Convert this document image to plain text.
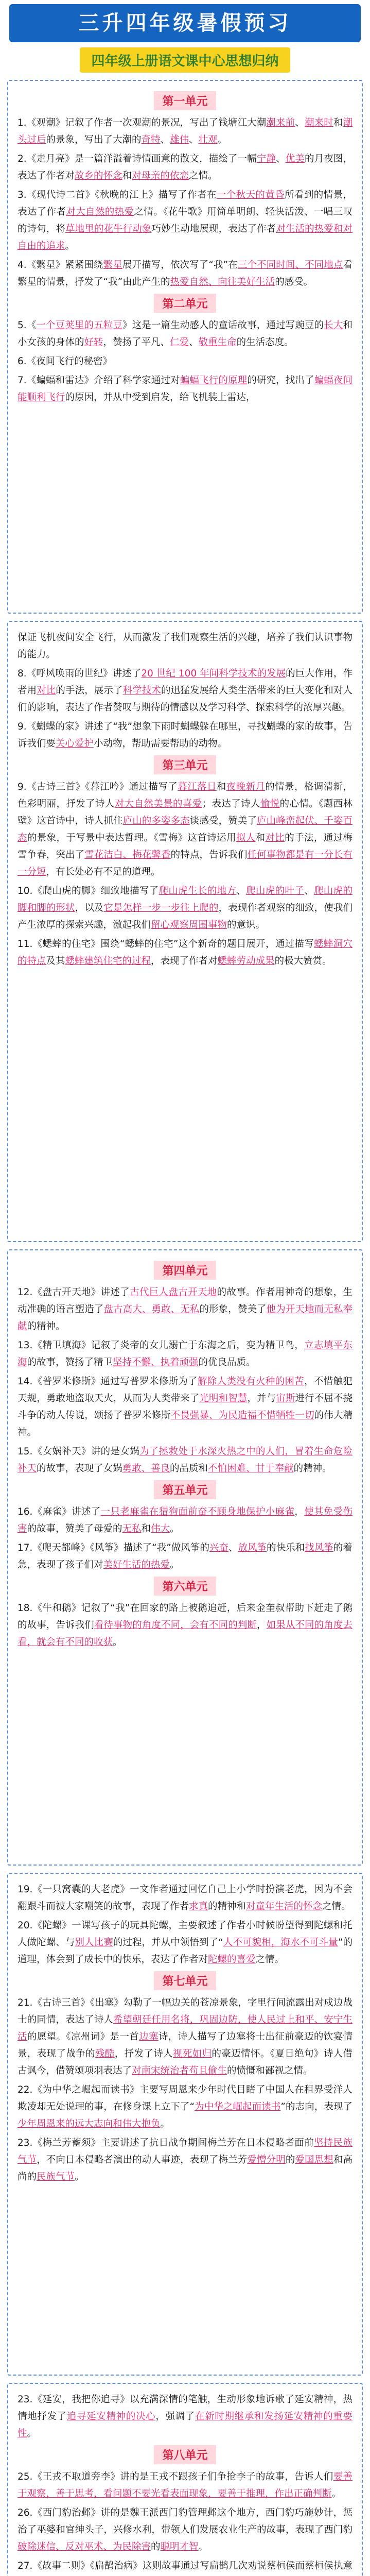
三升四年级暑假预习
四年级上册语文课中心思想归纳
第一单元
1.《观潮》记叙了作者一次观潮的景况，写出了钱塘江大潮潮来前、潮来时和潮头过后的景象，写出了大潮的奇特、雄伟、壮观。
2.《走月亮》是一篇洋溢着诗情画意的散文，描绘了一幅宁静、优美的月夜图，表达了作者对故乡的怀念和对母亲的依恋之情。
3.《现代诗二首》《秋晚的江上》描写了作者在一个秋天的黄昏所看到的情景，表达了作者对大自然的热爱之情。《花牛歌》用简单明朗、轻快活泼、一唱三叹的诗句，将草地里的花牛行动象巧妙生动地展现，表达了作者对生活的热爱和对自由的追求。
4.《繁星》紧紧围绕繁星展开描写，依次写了“我”在三个不同时间、不同地点看繁星的情景，抒发了“我”由此产生的热爱自然、向往美好生活的感受。
第二单元
5.《一个豆荚里的五粒豆》这是一篇生动感人的童话故事，通过写豌豆的长大和小女孩的身体的好转，赞扬了平凡、仁爱、敬重生命的生活态度。
6.《夜间飞行的秘密》
7.《蝙蝠和雷达》介绍了科学家通过对蝙蝠飞行的原理的研究，找出了蝙蝠夜间能顺利飞行的原因，并从中受到启发，给飞机装上雷达，
保证飞机夜间安全飞行，从而激发了我们观察生活的兴趣，培养了我们认识事物的能力。
8.《呼风唤雨的世纪》讲述了20 世纪 100 年间科学技术的发展的巨大作用，作者用对比的手法，展示了科学技术的迅猛发展给人类生活带来的巨大变化和对人们的影响，表达了作者赞叹与期待的情感以及学习科学、探索科学的浓厚兴趣。
9.《蝴蝶的家》讲述了“我”想象下雨时蝴蝶躲在哪里，寻找蝴蝶的家的故事，告诉我们要关心爱护小动物，帮助需要帮助的动物。
第三单元
9.《古诗三首》《暮江吟》通过描写了暮江落日和夜晚新月的情景，格调清新，色彩明丽，抒发了诗人对大自然美景的喜爱；表达了诗人愉悦的心情。《题西林壁》这首诗中，诗人抓住庐山的多姿多态谈感受，赞美了庐山峰峦起伏、千姿百态的景象，于写景中表达哲理。《雪梅》这首诗运用拟人和对比的手法，通过梅雪争春，突出了雪花洁白、梅花馨香的特点，告诉我们任何事物都是有一分长有一分短，有长处必有不足的道理。
10.《爬山虎的脚》细致地描写了爬山虎生长的地方、爬山虎的叶子、爬山虎的脚和脚的形状，以及它是怎样一步一步往上爬的，表现作者观察的细致，使我们产生浓厚的探索兴趣，激起我们留心观察周围事物的意识。
11.《蟋蟀的住宅》围绕“蟋蟀的住宅”这个新奇的题目展开，通过描写蟋蟀洞穴的特点及其蟋蟀建筑住宅的过程，表现了作者对蟋蟀劳动成果的极大赞赏。
第四单元
12.《盘古开天地》讲述了古代巨人盘古开天地的故事。作者用神奇的想象，生动准确的语言塑造了盘古高大、勇敢、无私的形象，赞美了他为开天地而无私奉献的精神。
13.《精卫填海》记叙了炎帝的女儿溺亡于东海之后，变为精卫鸟，立志填平东海的故事，赞扬了精卫坚持不懈、执着顽强的优良品质。
14.《普罗米修斯》通过写普罗米修斯为了解除人类没有火种的困苦，不惜触犯天规，勇敢地盗取天火，从而为人类带来了光明和智慧，并与宙斯进行不屈不挠斗争的动人传说，颂扬了普罗米修斯不畏强暴、为民造福不惜牺牲一切的伟大精神。
15.《女娲补天》讲的是女娲为了拯救处于水深火热之中的人们，冒着生命危险补天的故事，表现了女娲勇敢、善良的品质和不怕困难、甘于奉献的精神。
第五单元
16.《麻雀》讲述了一只老麻雀在猎狗面前奋不顾身地保护小麻雀，使其免受伤害的故事，赞美了母爱的无私和伟大。
17.《爬天都峰》《风筝》描述了“我”做风筝的兴奋、放风筝的快乐和找风筝的着急，表现了孩子们对美好生活的热爱。
第六单元
18.《牛和鹅》记叙了“我”在回家的路上被鹅追赶，后来金奎叔帮助下赶走了鹅的故事，告诉我们看待事物的角度不同，会有不同的判断，如果从不同的角度去看，就会有不同的收获。
19.《一只窝囊的大老虎》一文作者通过回忆自己上小学时扮演老虎，因为不会翻跟斗而被大家嘲笑的故事，表现了作者求真的精神和对童年生活的怀念之情。
20.《陀螺》一课写孩子的玩具陀螺，主要叙述了作者小时候盼望得到陀螺和托人做陀螺、与别人比赛的过程，并从中领悟到了“人不可貌相，海水不可斗量”的道理，体会到了成长中的快乐，表达了作者对陀螺的喜爱之情。
第七单元
21.《古诗三首》《出塞》勾勒了一幅边关的苍凉景象，字里行间流露出对戍边战士的同情，表达了诗人希望朝廷任用名将，巩固边防，使人民过上和平、安宁生活的愿望。《凉州词》是一首边塞诗，诗人描写了边塞将士出征前豪迈的饮宴情景，表现了战争的残酷，抒发了诗人视死如归的豪迈情怀。《夏日绝句》诗人借古讽今，借赞颂项羽表达了对南宋统治者苟且偷生的愤慨和鄙视之情。
22.《为中华之崛起而读书》主要写周恩来少年时代目睹了中国人在租界受洋人欺凌却无处说理的事，在修身课上立下了“为中华之崛起而读书”的志向，表现了少年周恩来的远大志向和伟大抱负。
23.《梅兰芳蓄须》主要讲述了抗日战争期间梅兰芳在日本侵略者面前坚持民族气节，不向日本侵略者演出的动人事迹，表现了梅兰芳爱憎分明的爱国思想和高尚的民族气节。
23.《延安，我把你追寻》以充满深情的笔触，生动形象地诉歌了延安精神，热情地抒发了追寻延安精神的决心，强调了在新时期继承和发扬延安精神的重要性。
第八单元
25.《王戎不取道旁李》讲的是王戎不跟孩子们争抢李子的故事，告诉人们要善于观察，善于思考，看问题不要光看表面现象，要善于推理，作出正确判断。
26.《西门豹治邺》讲的是魏王派西门豹管理邺这个地方，西门豹巧施妙计，惩治了巫婆和官绅头子，兴修水利，带领人们发展农业生产的故事，表现了西门豹破除迷信、反对巫术、为民除害的聪明才智。
27.《故事二则》《扁鹊治病》这则故事通过写扁鹊几次劝说蔡桓侯而蔡桓侯执意
